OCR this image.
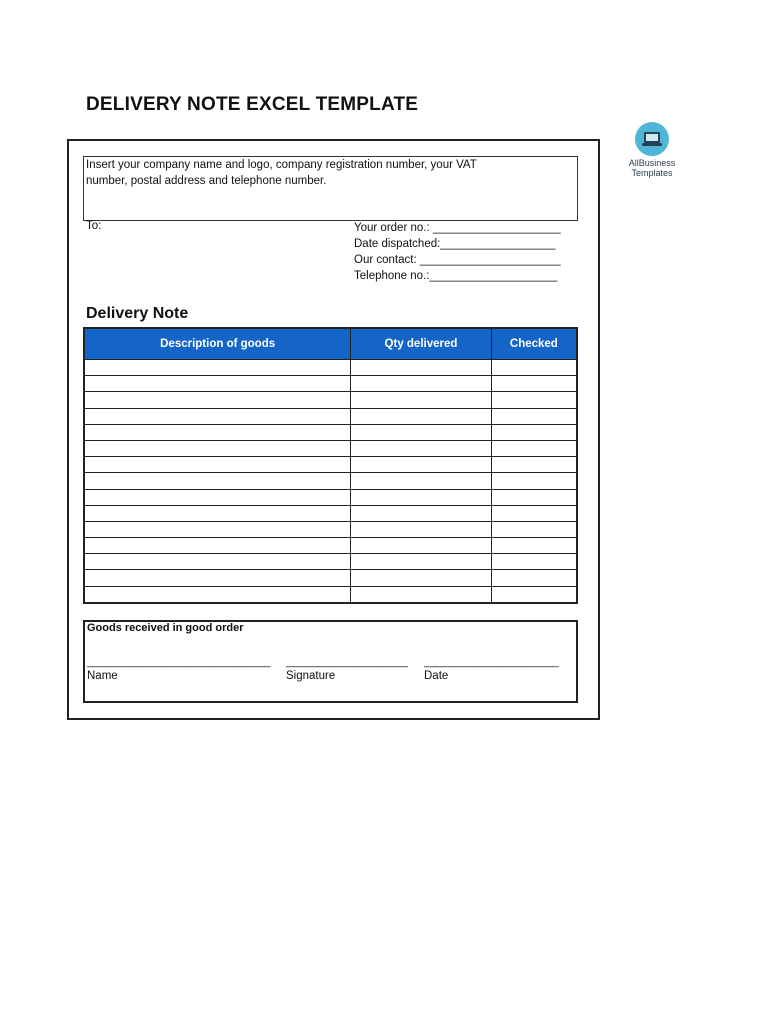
DELIVERY NOTE EXCEL TEMPLATE
AllBusiness
Templates
Insert your company name and logo, company registration number, your VAT
number, postal address and telephone number.
To:	Your order no.: ____________________
Date dispatched:__________________
Our contact: ______________________
Telephone no.:____________________
Delivery Note
Description of goods	Qty delivered	Checked

Goods received in good order
______________________________ ____________________ ______________________
Name	Signature	Date
